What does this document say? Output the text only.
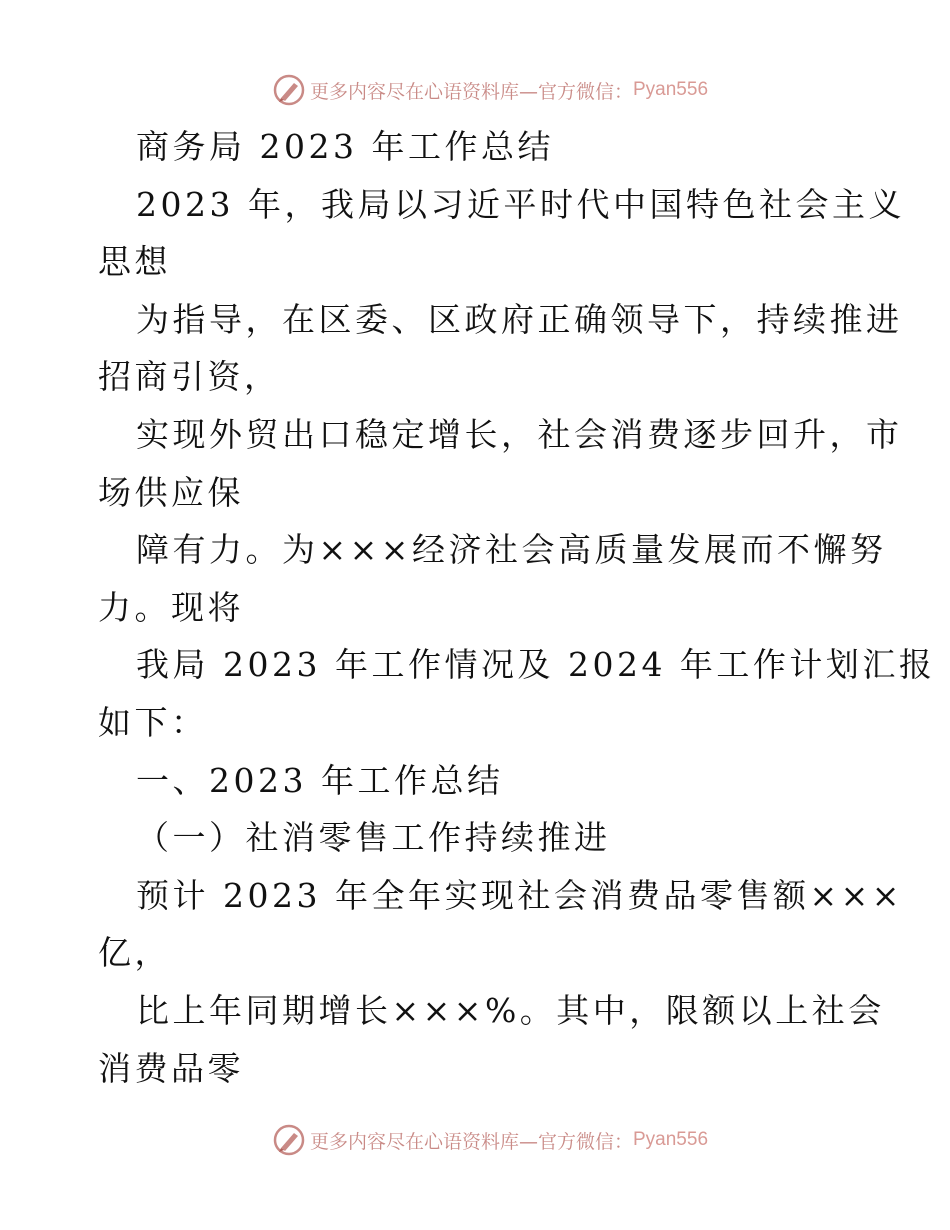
更多内容尽在心语资料库—官方微信： Pyan556
商务局 2023 年工作总结
2023 年，我局以习近平时代中国特色社会主义
思想
为指导，在区委、区政府正确领导下，持续推进
招商引资，
实现外贸出口稳定增长，社会消费逐步回升，市
场供应保
障有力。为×××经济社会高质量发展而不懈努
力。现将
我局 2023 年工作情况及 2024 年工作计划汇报
如下：
一、2023 年工作总结
（一）社消零售工作持续推进
预计 2023 年全年实现社会消费品零售额×××
亿，
比上年同期增长×××%。其中，限额以上社会
消费品零
更多内容尽在心语资料库—官方微信： Pyan556
